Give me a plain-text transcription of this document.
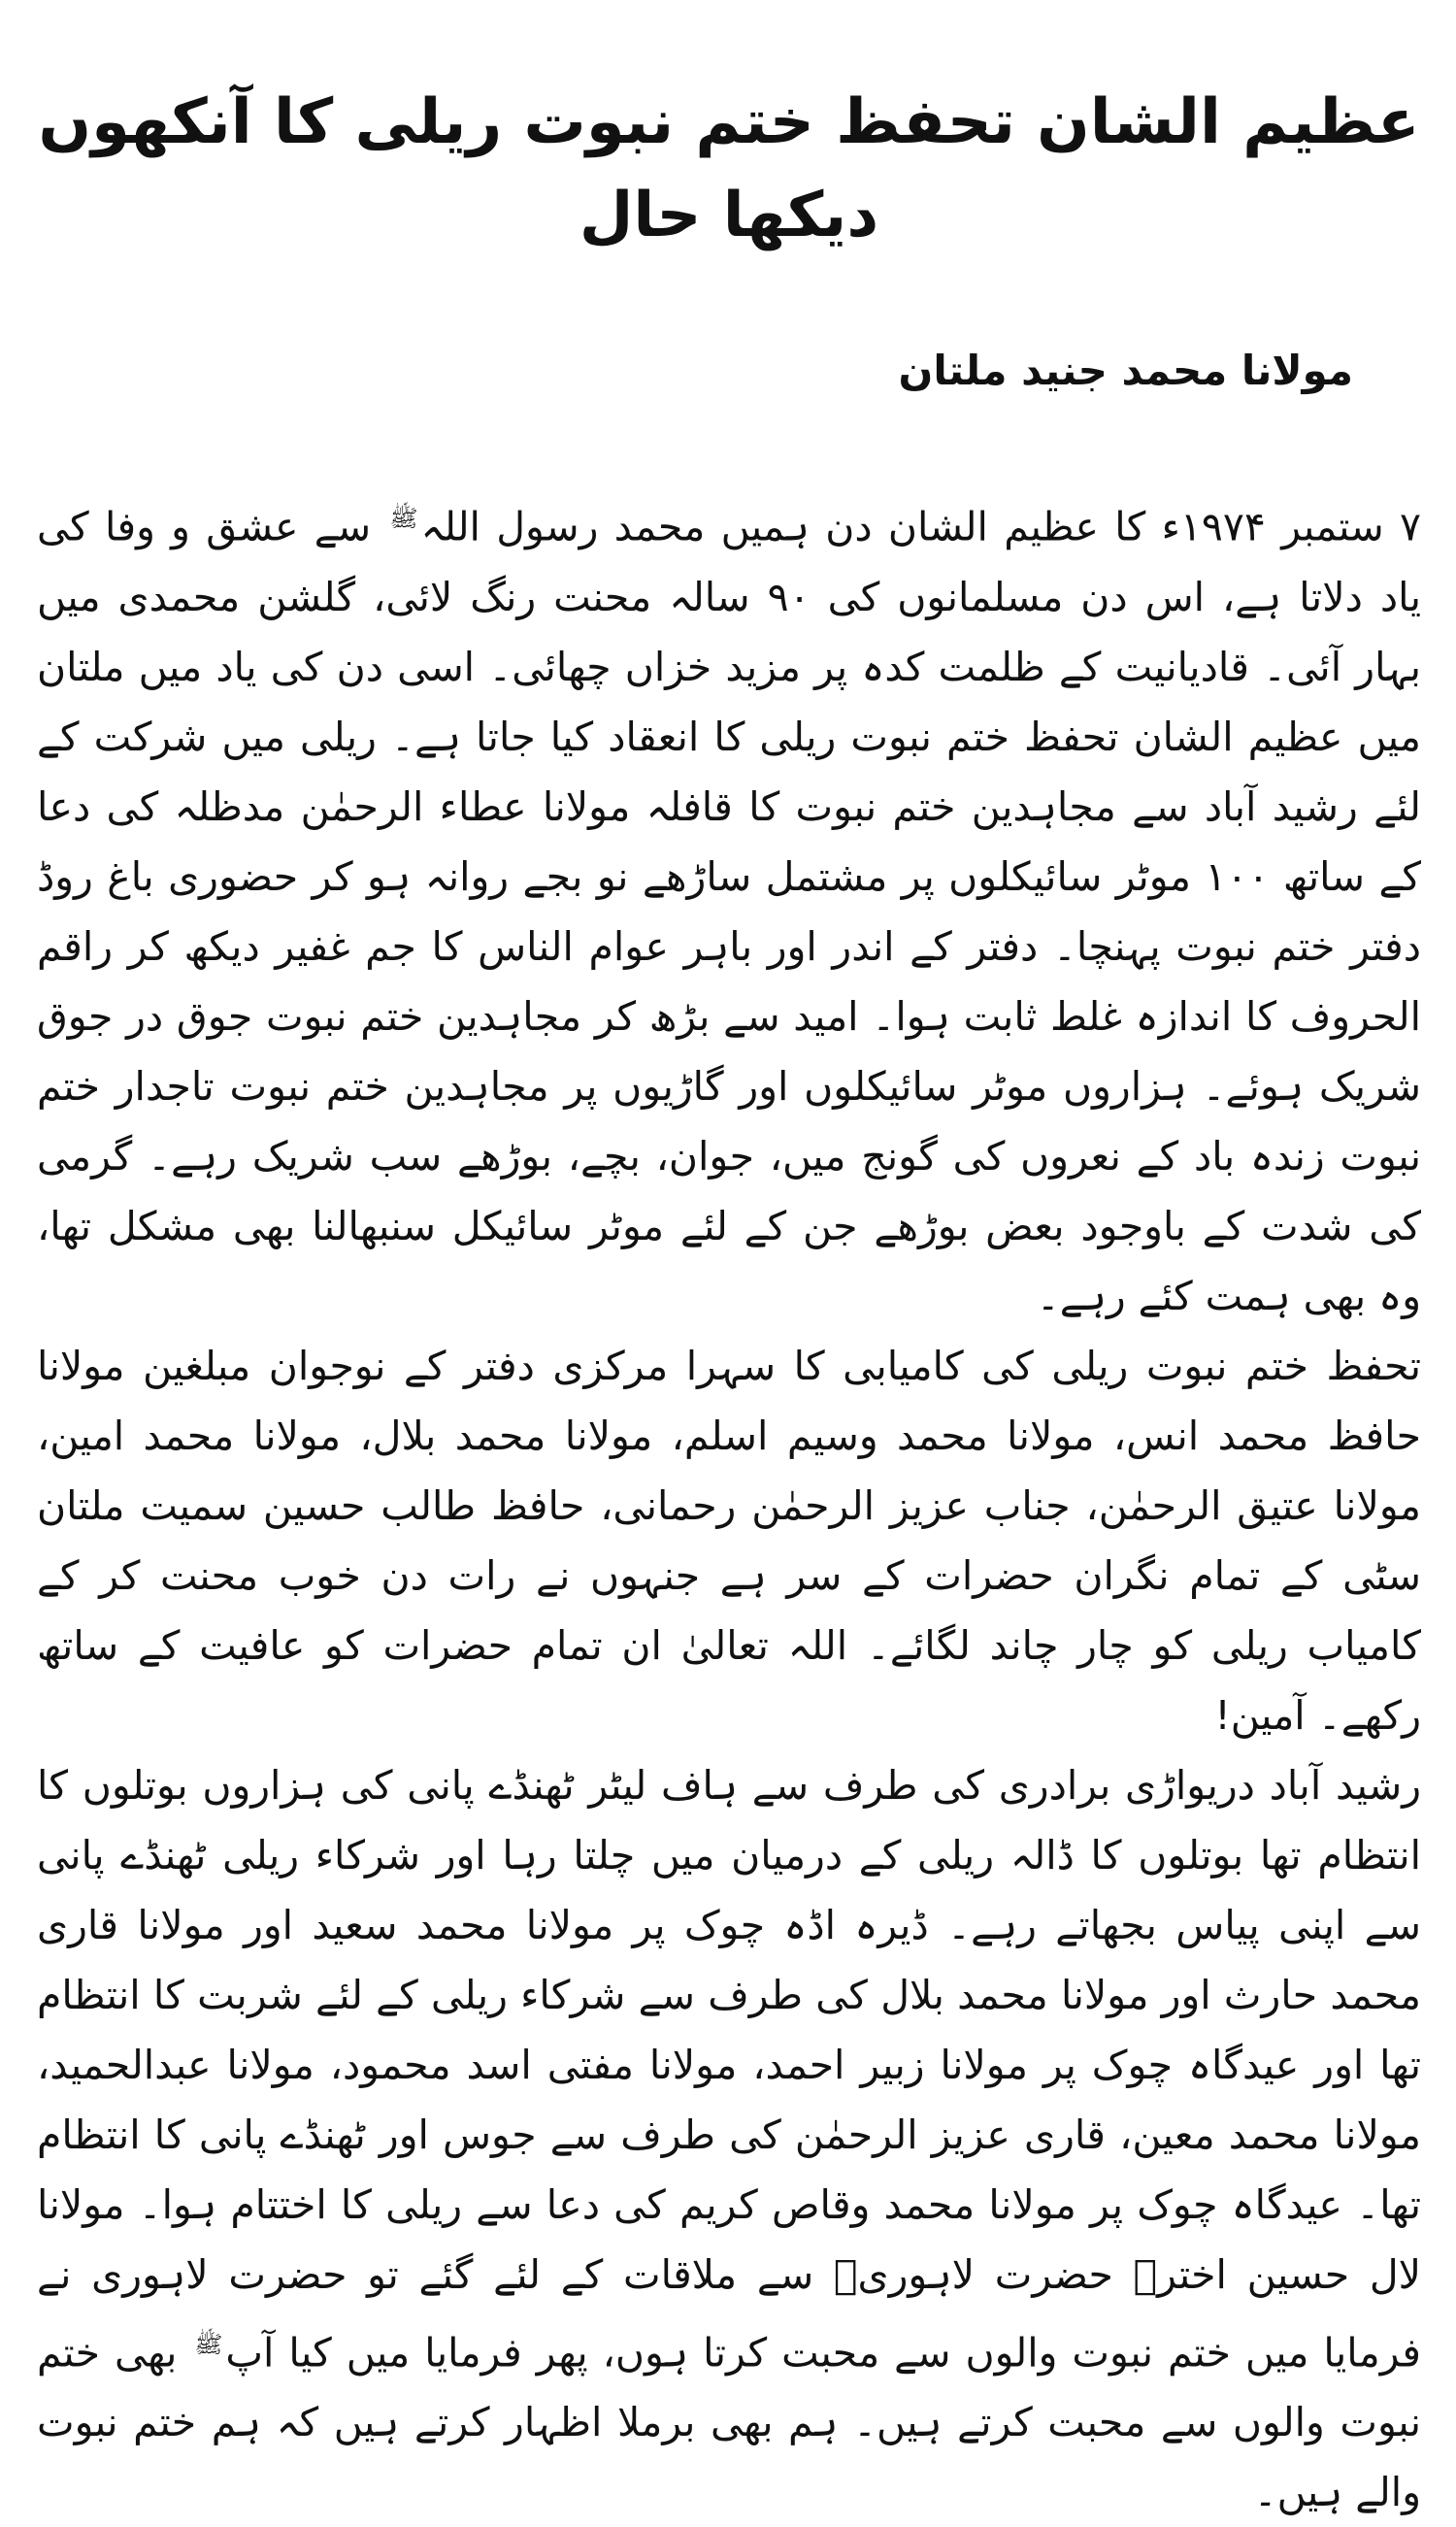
عظیم الشان تحفظ ختم نبوت ریلی کا آنکھوں دیکھا حال
مولانا محمد جنید ملتان

۷ ستمبر ۱۹۷۴ء کا عظیم الشان دن ہمیں محمد رسول اللہ$^ﷺ$ سے عشق و وفا کی یاد دلاتا ہے، اس دن مسلمانوں کی ۹۰ سالہ محنت رنگ لائی، گلشن محمدی میں بہار آئی۔ قادیانیت کے ظلمت کدہ پر مزید خزاں چھائی۔ اسی دن کی یاد میں ملتان میں عظیم الشان تحفظ ختم نبوت ریلی کا انعقاد کیا جاتا ہے۔ ریلی میں شرکت کے لئے رشید آباد سے مجاہدین ختم نبوت کا قافلہ مولانا عطاء الرحمٰن مدظلہ کی دعا کے ساتھ ۱۰۰ موٹر سائیکلوں پر مشتمل ساڑھے نو بجے روانہ ہو کر حضوری باغ روڈ دفتر ختم نبوت پہنچا۔ دفتر کے اندر اور باہر عوام الناس کا جم غفیر دیکھ کر راقم الحروف کا اندازہ غلط ثابت ہوا۔ امید سے بڑھ کر مجاہدین ختم نبوت جوق در جوق شریک ہوئے۔ ہزاروں موٹر سائیکلوں اور گاڑیوں پر مجاہدین ختم نبوت تاجدار ختم نبوت زندہ باد کے نعروں کی گونج میں، جوان، بچے، بوڑھے سب شریک رہے۔ گرمی کی شدت کے باوجود بعض بوڑھے جن کے لئے موٹر سائیکل سنبھالنا بھی مشکل تھا، وہ بھی ہمت کئے رہے۔

تحفظ ختم نبوت ریلی کی کامیابی کا سہرا مرکزی دفتر کے نوجوان مبلغین مولانا حافظ محمد انس، مولانا محمد وسیم اسلم، مولانا محمد بلال، مولانا محمد امین، مولانا عتیق الرحمٰن، جناب عزیز الرحمٰن رحمانی، حافظ طالب حسین سمیت ملتان سٹی کے تمام نگران حضرات کے سر ہے جنہوں نے رات دن خوب محنت کر کے کامیاب ریلی کو چار چاند لگائے۔ اللہ تعالیٰ ان تمام حضرات کو عافیت کے ساتھ رکھے۔ آمین!

رشید آباد دریواڑی برادری کی طرف سے ہاف لیٹر ٹھنڈے پانی کی ہزاروں بوتلوں کا انتظام تھا بوتلوں کا ڈالہ ریلی کے درمیان میں چلتا رہا اور شرکاء ریلی ٹھنڈے پانی سے اپنی پیاس بجھاتے رہے۔ ڈیرہ اڈہ چوک پر مولانا محمد سعید اور مولانا قاری محمد حارث اور مولانا محمد بلال کی طرف سے شرکاء ریلی کے لئے شربت کا انتظام تھا اور عیدگاہ چوک پر مولانا زبیر احمد، مولانا مفتی اسد محمود، مولانا عبدالحمید، مولانا محمد معین، قاری عزیز الرحمٰن کی طرف سے جوس اور ٹھنڈے پانی کا انتظام تھا۔ عیدگاہ چوک پر مولانا محمد وقاص کریم کی دعا سے ریلی کا اختتام ہوا۔ مولانا لال حسین اخترؒ حضرت لاہوریؒ سے ملاقات کے لئے گئے تو حضرت لاہوری نے فرمایا میں ختم نبوت والوں سے محبت کرتا ہوں، پھر فرمایا میں کیا آپ$^ﷺ$ بھی ختم نبوت والوں سے محبت کرتے ہیں۔ ہم بھی برملا اظہار کرتے ہیں کہ ہم ختم نبوت والے ہیں۔
